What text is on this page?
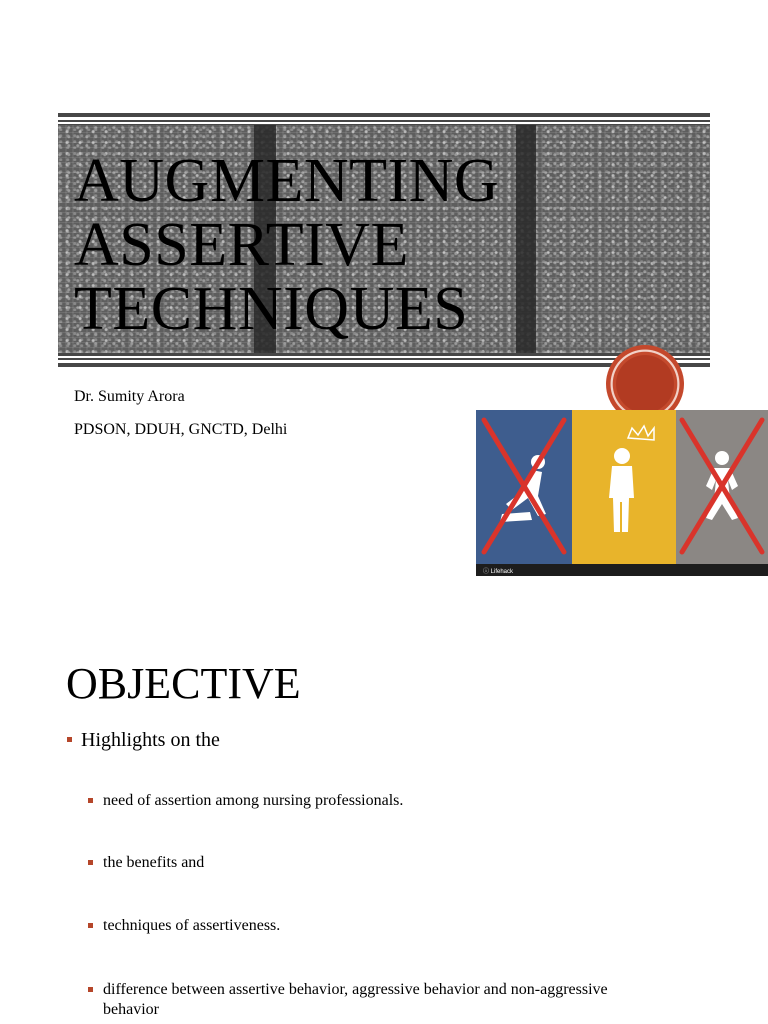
AUGMENTING
ASSERTIVE
TECHNIQUES
Dr. Sumity Arora
PDSON, DDUH, GNCTD, Delhi
ⓘ Lifehack
OBJECTIVE
Highlights on the
need of assertion among nursing professionals.
the benefits and
techniques of assertiveness.
difference between assertive behavior, aggressive behavior and non-aggressive behavior
